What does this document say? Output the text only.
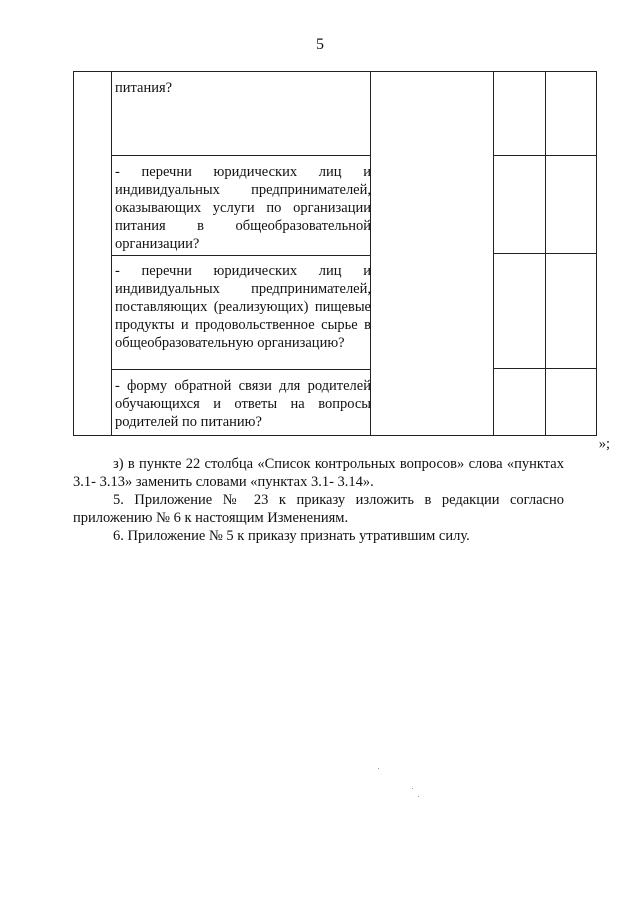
5

питания?

- перечни юридических лиц и индивидуальных предпринимателей, оказывающих услуги по организации питания в общеобразовательной организации?

- перечни юридических лиц и индивидуальных предпринимателей, поставляющих (реализующих) пищевые продукты и продовольственное сырье в общеобразовательную организацию?

- форму обратной связи для родителей обучающихся и ответы на вопросы родителей по питанию?

»;

з) в пункте 22 столбца «Список контрольных вопросов» слова «пунктах 3.1- 3.13» заменить словами «пунктах 3.1- 3.14».

5. Приложение № 23 к приказу изложить в редакции согласно приложению № 6 к настоящим Изменениям.

6. Приложение № 5 к приказу признать утратившим силу.
